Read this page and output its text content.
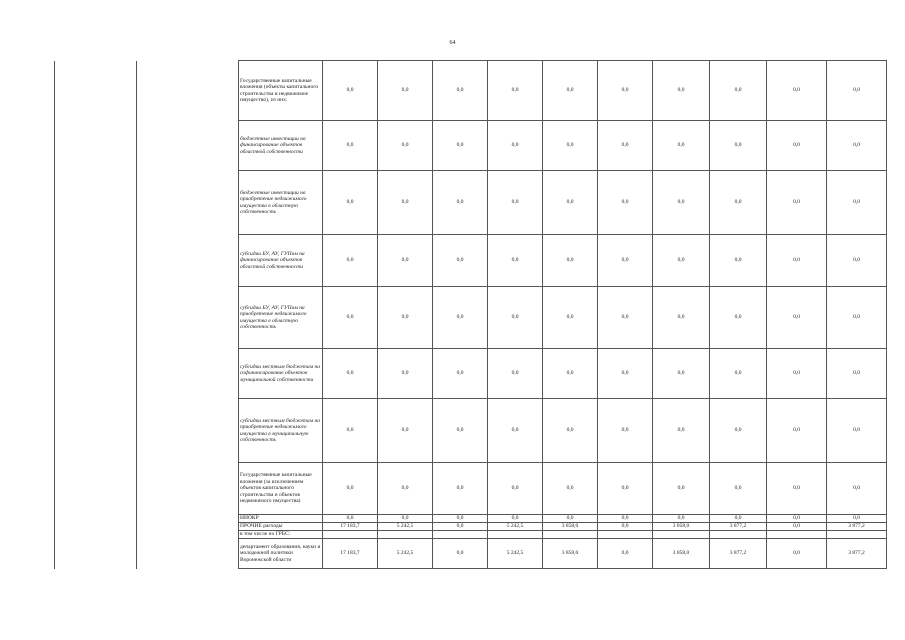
64
		Государственные капитальные вложения (объекты капитального строительства и недвижимое имущество), из них:	0,0	0,0	0,0	0,0	0,0	0,0	0,0	0,0	0,0	0,0
		бюджетные инвестиции на финансирование объектов областной собственности	0,0	0,0	0,0	0,0	0,0	0,0	0,0	0,0	0,0	0,0
		бюджетные инвестиции на приобретение недвижимого имущества в областную собственность	0,0	0,0	0,0	0,0	0,0	0,0	0,0	0,0	0,0	0,0
		субсидии БУ, АУ, ГУПам на финансирование объектов областной собственности	0,0	0,0	0,0	0,0	0,0	0,0	0,0	0,0	0,0	0,0
		субсидии БУ, АУ, ГУПам на приобретение недвижимого имущества в областную собственность	0,0	0,0	0,0	0,0	0,0	0,0	0,0	0,0	0,0	0,0
		субсидии местным бюджетам на софинансирование объектов муниципальной собственности	0,0	0,0	0,0	0,0	0,0	0,0	0,0	0,0	0,0	0,0
		субсидии местным бюджетам на приобретение недвижимого имущества в муниципальную собственность	0,0	0,0	0,0	0,0	0,0	0,0	0,0	0,0	0,0	0,0
		Государственные капитальные вложения (за исключением объектов капитального строительства и объектов недвижимого имущества)	0,0	0,0	0,0	0,0	0,0	0,0	0,0	0,0	0,0	0,0
		НИОКР	0,0	0,0	0,0	0,0	0,0	0,0	0,0	0,0	0,0	0,0
		ПРОЧИЕ расходы	17 183,7	5 242,5	0,0	5 242,5	3 858,0	0,0	3 858,0	3 877,2	0,0	3 877,2
		в том числе по ГРБС:										
		департамент образования, науки и молодежной политики Воронежской области	17 183,7	5 242,5	0,0	5 242,5	3 858,0	0,0	3 858,0	3 877,2	0,0	3 877,2
